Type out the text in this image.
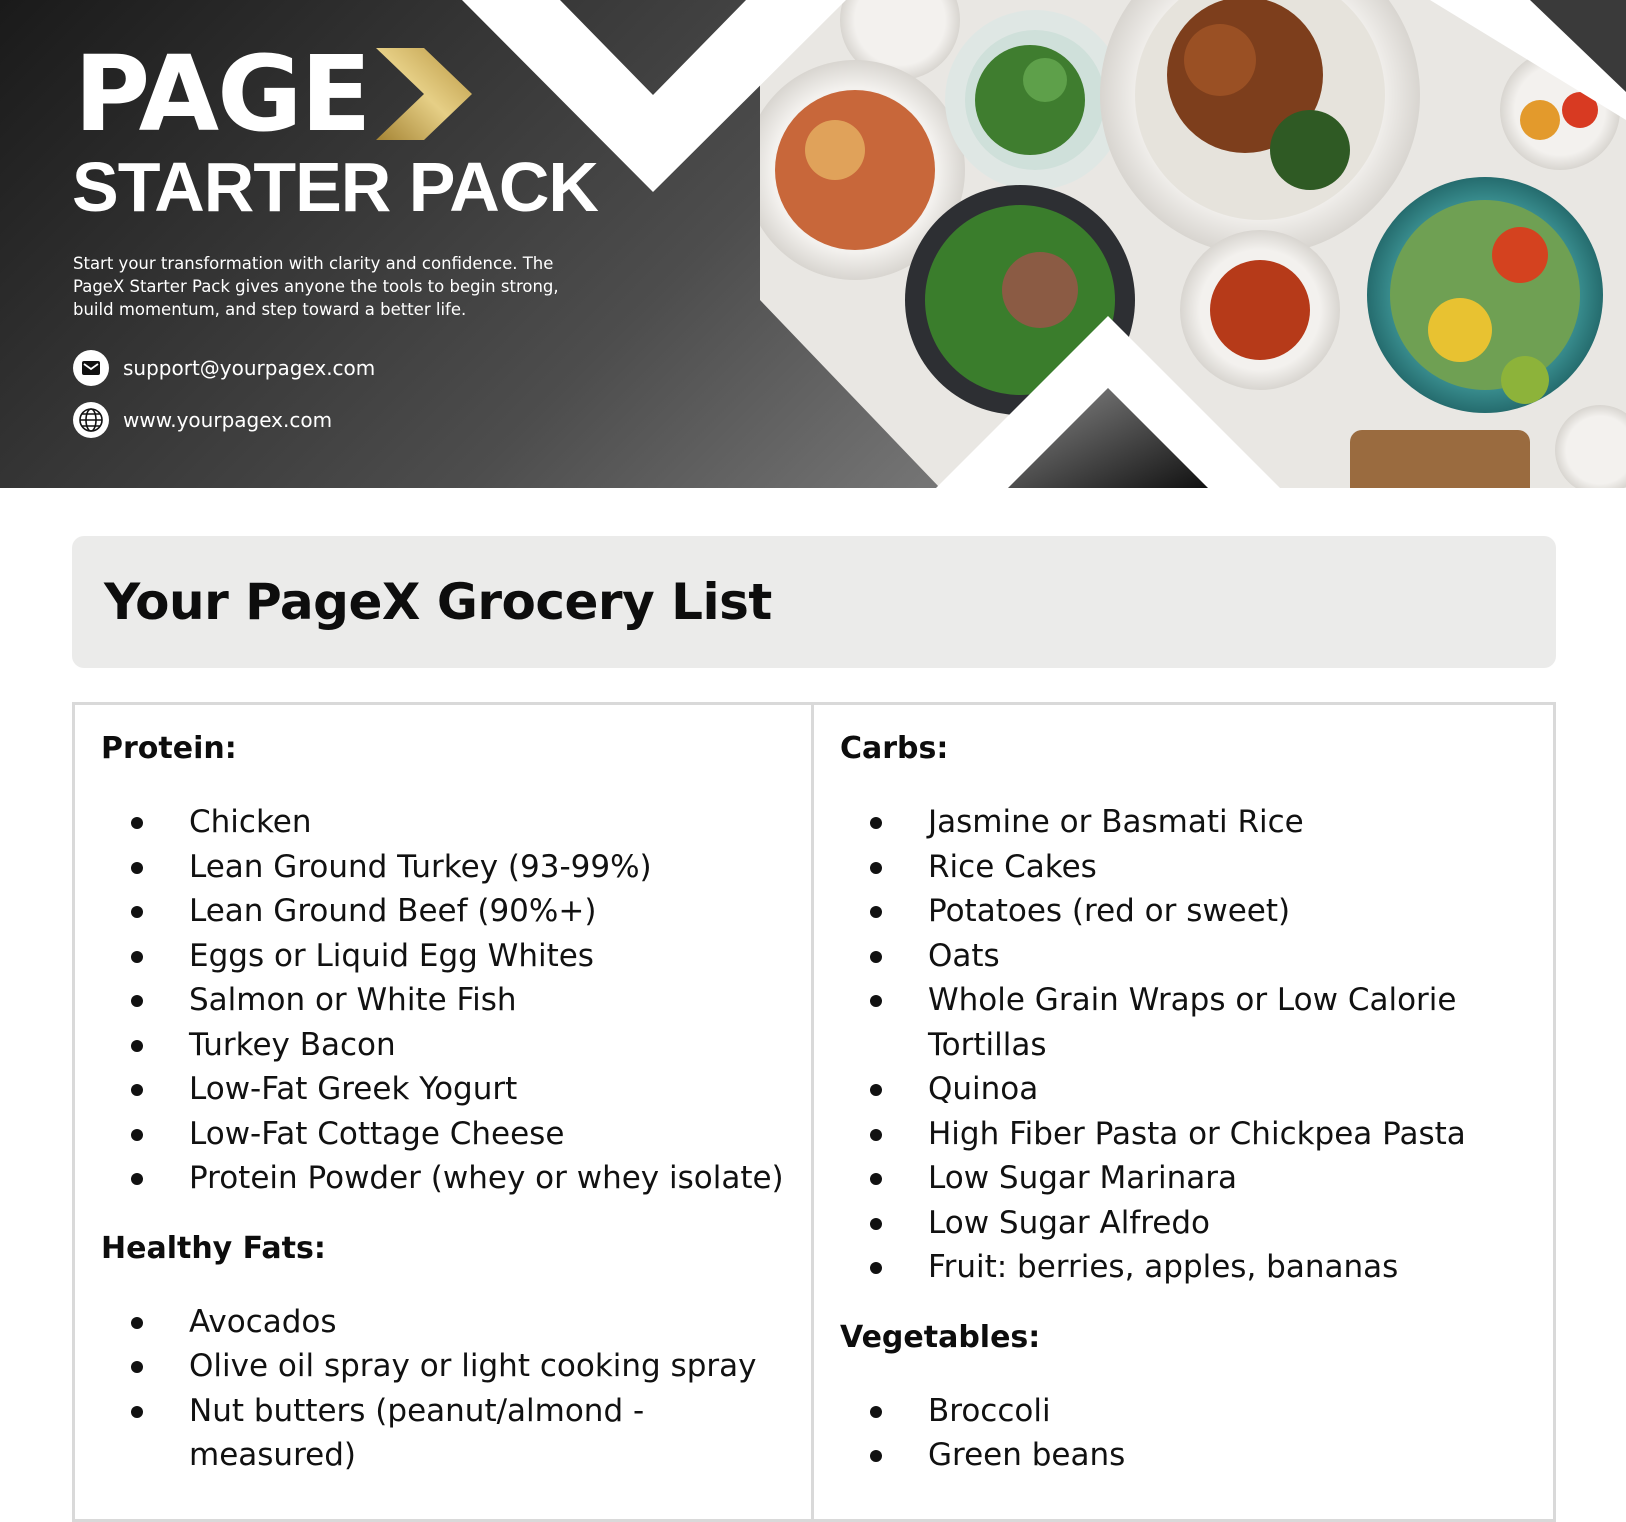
PAGE
STARTER PACK

Start your transformation with clarity and confidence. The PageX Starter Pack gives anyone the tools to begin strong, build momentum, and step toward a better life.

support@yourpagex.com
www.yourpagex.com
Your PageX Grocery List
Protein:
Chicken
Lean Ground Turkey (93-99%)
Lean Ground Beef (90%+)
Eggs or Liquid Egg Whites
Salmon or White Fish
Turkey Bacon
Low-Fat Greek Yogurt
Low-Fat Cottage Cheese
Protein Powder (whey or whey isolate)
Healthy Fats:
Avocados
Olive oil spray or light cooking spray
Nut butters (peanut/almond - measured)
Carbs:
Jasmine or Basmati Rice
Rice Cakes
Potatoes (red or sweet)
Oats
Whole Grain Wraps or Low Calorie Tortillas
Quinoa
High Fiber Pasta or Chickpea Pasta
Low Sugar Marinara
Low Sugar Alfredo
Fruit: berries, apples, bananas
Vegetables:
Broccoli
Green beans
